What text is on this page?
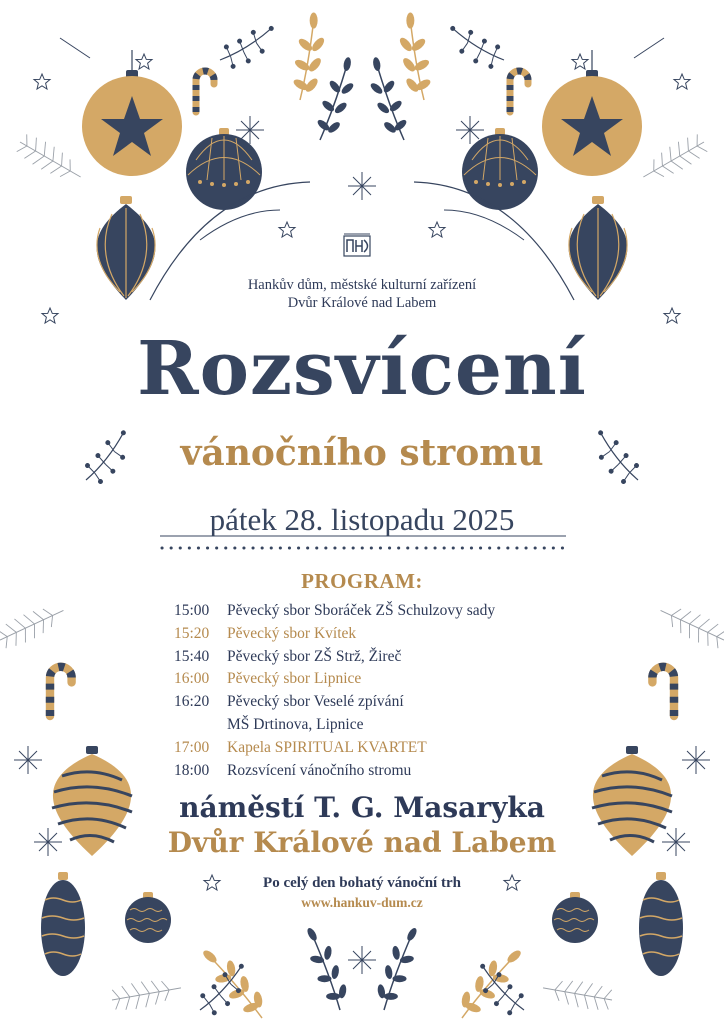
Hankův dům, městské kulturní zařízení
Dvůr Králové nad Labem
Rozsvícení
vánočního stromu
pátek 28. listopadu 2025
PROGRAM:
15:00	Pěvecký sbor Sboráček ZŠ Schulzovy sady
15:20	Pěvecký sbor Kvítek
15:40	Pěvecký sbor ZŠ Strž, Žireč
16:00	Pěvecký sbor Lipnice
16:20	Pěvecký sbor Veselé zpívání
MŠ Drtinova, Lipnice
17:00	Kapela SPIRITUAL KVARTET
18:00	Rozsvícení vánočního stromu
náměstí T. G. Masaryka
Dvůr Králové nad Labem
Po celý den bohatý vánoční trh
www.hankuv-dum.cz
